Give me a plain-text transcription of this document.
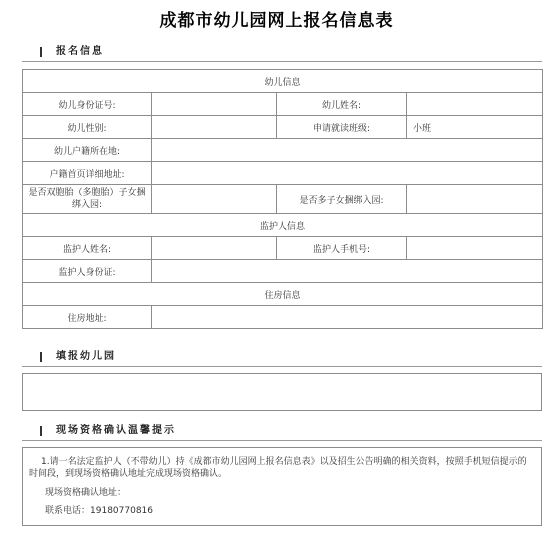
成都市幼儿园网上报名信息表
报名信息
幼儿信息			
幼儿身份证号:		幼儿姓名:	
幼儿性别:		申请就读班级:	小班
幼儿户籍所在地:			
户籍首页详细地址:			
是否双胞胎（多胞胎）子女捆绑入园:		是否多子女捆绑入园:	
监护人信息			
监护人姓名:		监护人手机号:	
监护人身份证:			
住房信息			
住房地址:			
填报幼儿园
现场资格确认温馨提示

1.请一名法定监护人（不带幼儿）持《成都市幼儿园网上报名信息表》以及招生公告明确的相关资料，按照手机短信提示的

时间段，到现场资格确认地址完成现场资格确认。

现场资格确认地址：

联系电话：19180770816
